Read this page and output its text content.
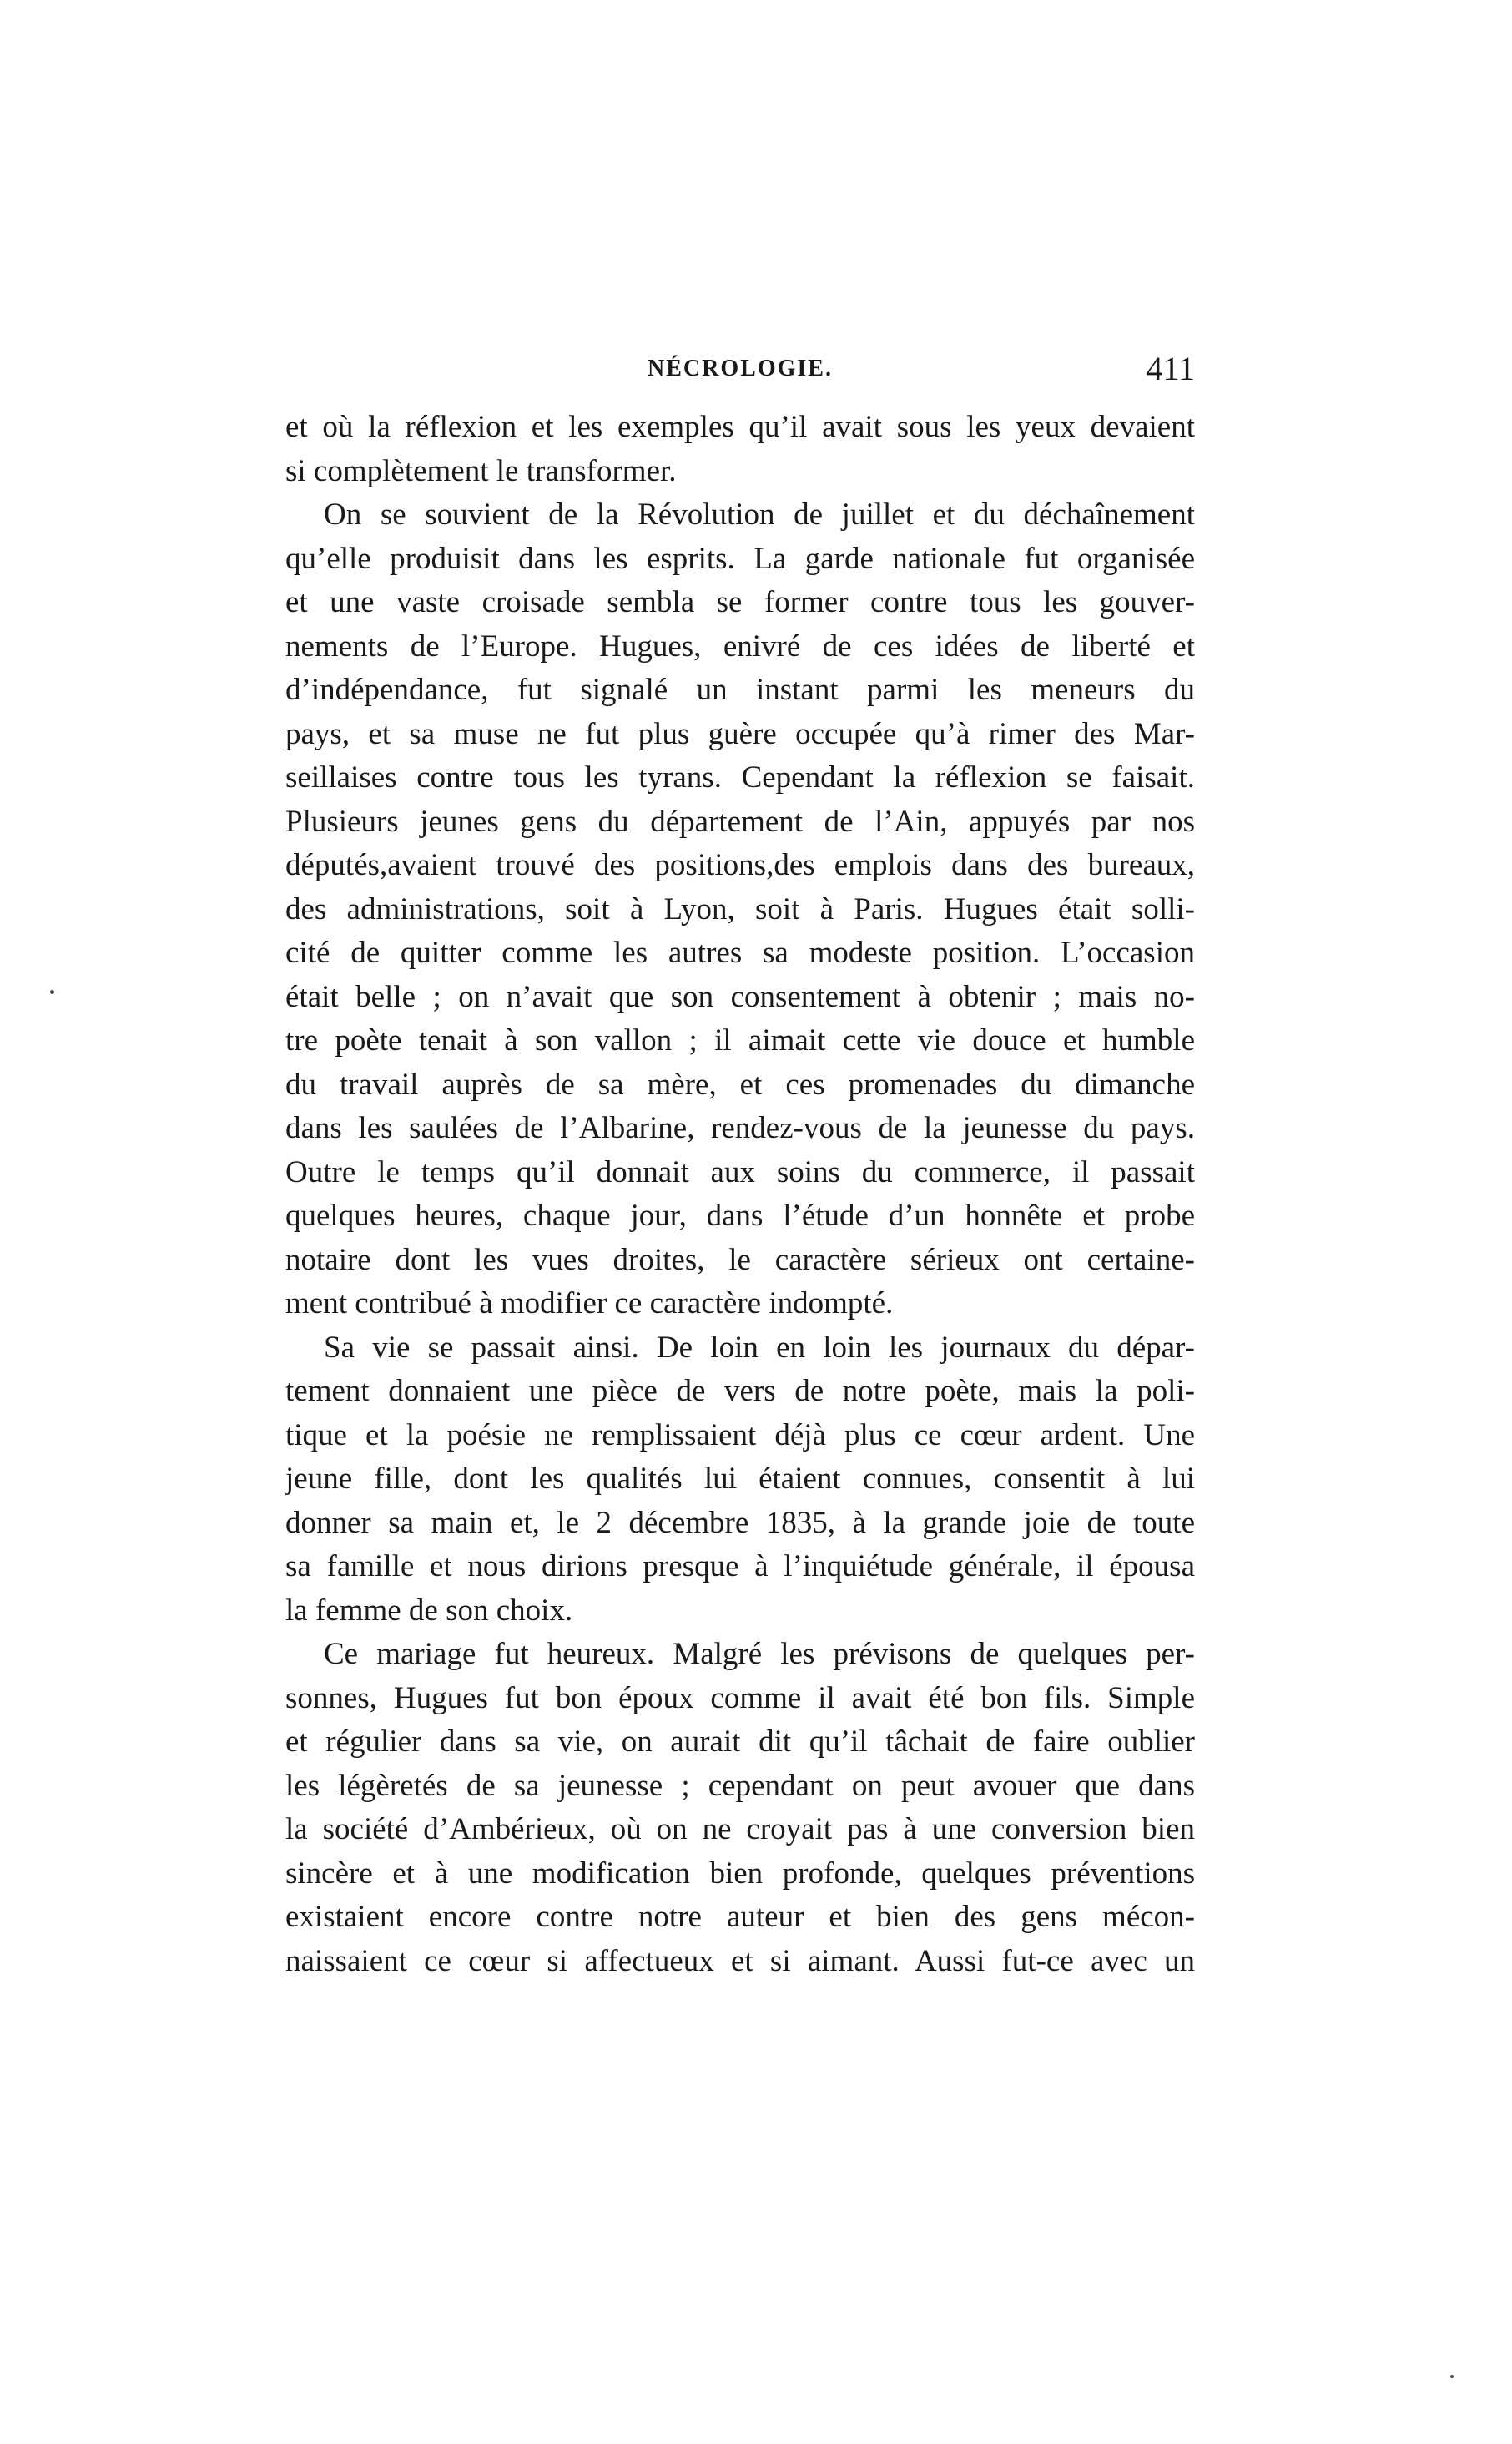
NÉCROLOGIE.	411
et où la réflexion et les exemples qu’il avait sous les yeux devaient
si complètement le transformer.
On se souvient de la Révolution de juillet et du déchaînement
qu’elle produisit dans les esprits. La garde nationale fut organisée
et une vaste croisade sembla se former contre tous les gouver-
nements de l’Europe. Hugues, enivré de ces idées de liberté et
d’indépendance, fut signalé un instant parmi les meneurs du
pays, et sa muse ne fut plus guère occupée qu’à rimer des Mar-
seillaises contre tous les tyrans. Cependant la réflexion se faisait.
Plusieurs jeunes gens du département de l’Ain, appuyés par nos
députés,avaient trouvé des positions,des emplois dans des bureaux,
des administrations, soit à Lyon, soit à Paris. Hugues était solli-
cité de quitter comme les autres sa modeste position. L’occasion
était belle ; on n’avait que son consentement à obtenir ; mais no-
tre poète tenait à son vallon ; il aimait cette vie douce et humble
du travail auprès de sa mère, et ces promenades du dimanche
dans les saulées de l’Albarine, rendez-vous de la jeunesse du pays.
Outre le temps qu’il donnait aux soins du commerce, il passait
quelques heures, chaque jour, dans l’étude d’un honnête et probe
notaire dont les vues droites, le caractère sérieux ont certaine-
ment contribué à modifier ce caractère indompté.
Sa vie se passait ainsi. De loin en loin les journaux du dépar-
tement donnaient une pièce de vers de notre poète, mais la poli-
tique et la poésie ne remplissaient déjà plus ce cœur ardent. Une
jeune fille, dont les qualités lui étaient connues, consentit à lui
donner sa main et, le 2 décembre 1835, à la grande joie de toute
sa famille et nous dirions presque à l’inquiétude générale, il épousa
la femme de son choix.
Ce mariage fut heureux. Malgré les prévisons de quelques per-
sonnes, Hugues fut bon époux comme il avait été bon fils. Simple
et régulier dans sa vie, on aurait dit qu’il tâchait de faire oublier
les légèretés de sa jeunesse ; cependant on peut avouer que dans
la société d’Ambérieux, où on ne croyait pas à une conversion bien
sincère et à une modification bien profonde, quelques préventions
existaient encore contre notre auteur et bien des gens mécon-
naissaient ce cœur si affectueux et si aimant. Aussi fut-ce avec un
